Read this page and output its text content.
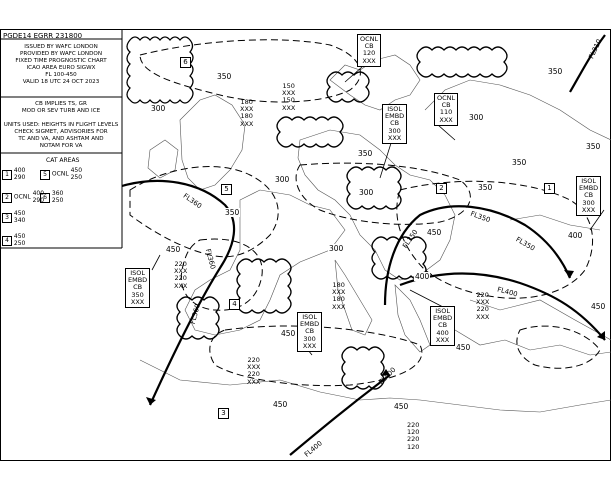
PGDE14 EGRR 231800
ISSUED BY WAFC LONDON
PROVIDED BY WAFC LONDON
FIXED TIME PROGNOSTIC CHART
ICAO AREA EURO SIGWX
FL 100-450
VALID 18 UTC 24 OCT 2023
CB IMPLIES TS, GR
MOD OR SEV TURB AND ICE
UNITS USED: HEIGHTS IN FLIGHT LEVELS
CHECK SIGMET, ADVISORIES FOR
TC AND VA, AND ASHTAM AND
NOTAM FOR VA
CAT AREAS
1 400
290
2 OCNL 400
290
3 450
340
4 450
250
5 OCNL 450
250
6 360
250
OCNL
CB
120
XXX
ISOL
EMBD
CB
300
XXX
OCNL
CB
110
XXX
ISOL
EMBD
CB
300
XXX
ISOL
EMBD
CB
350
XXX
ISOL
EMBD
CB
300
XXX
ISOL
EMBD
CB
400
XXX
150
XXX
150
XXX
180
XXX
180
XXX
220
XXX
220
XXX	180
XXX
180
XXX
220
XXX
220
XXX
220
XXX
220
XXX
220
120
220
120
350
300
350
300
350
300
350
350
400
450
450
300
450
450
450
400
450
350
350
450
300
6
5
4
3
2	1
FL310
FL360
FL360
FL360
FL350
FL350
FL350
FL400
FL400
FL400
